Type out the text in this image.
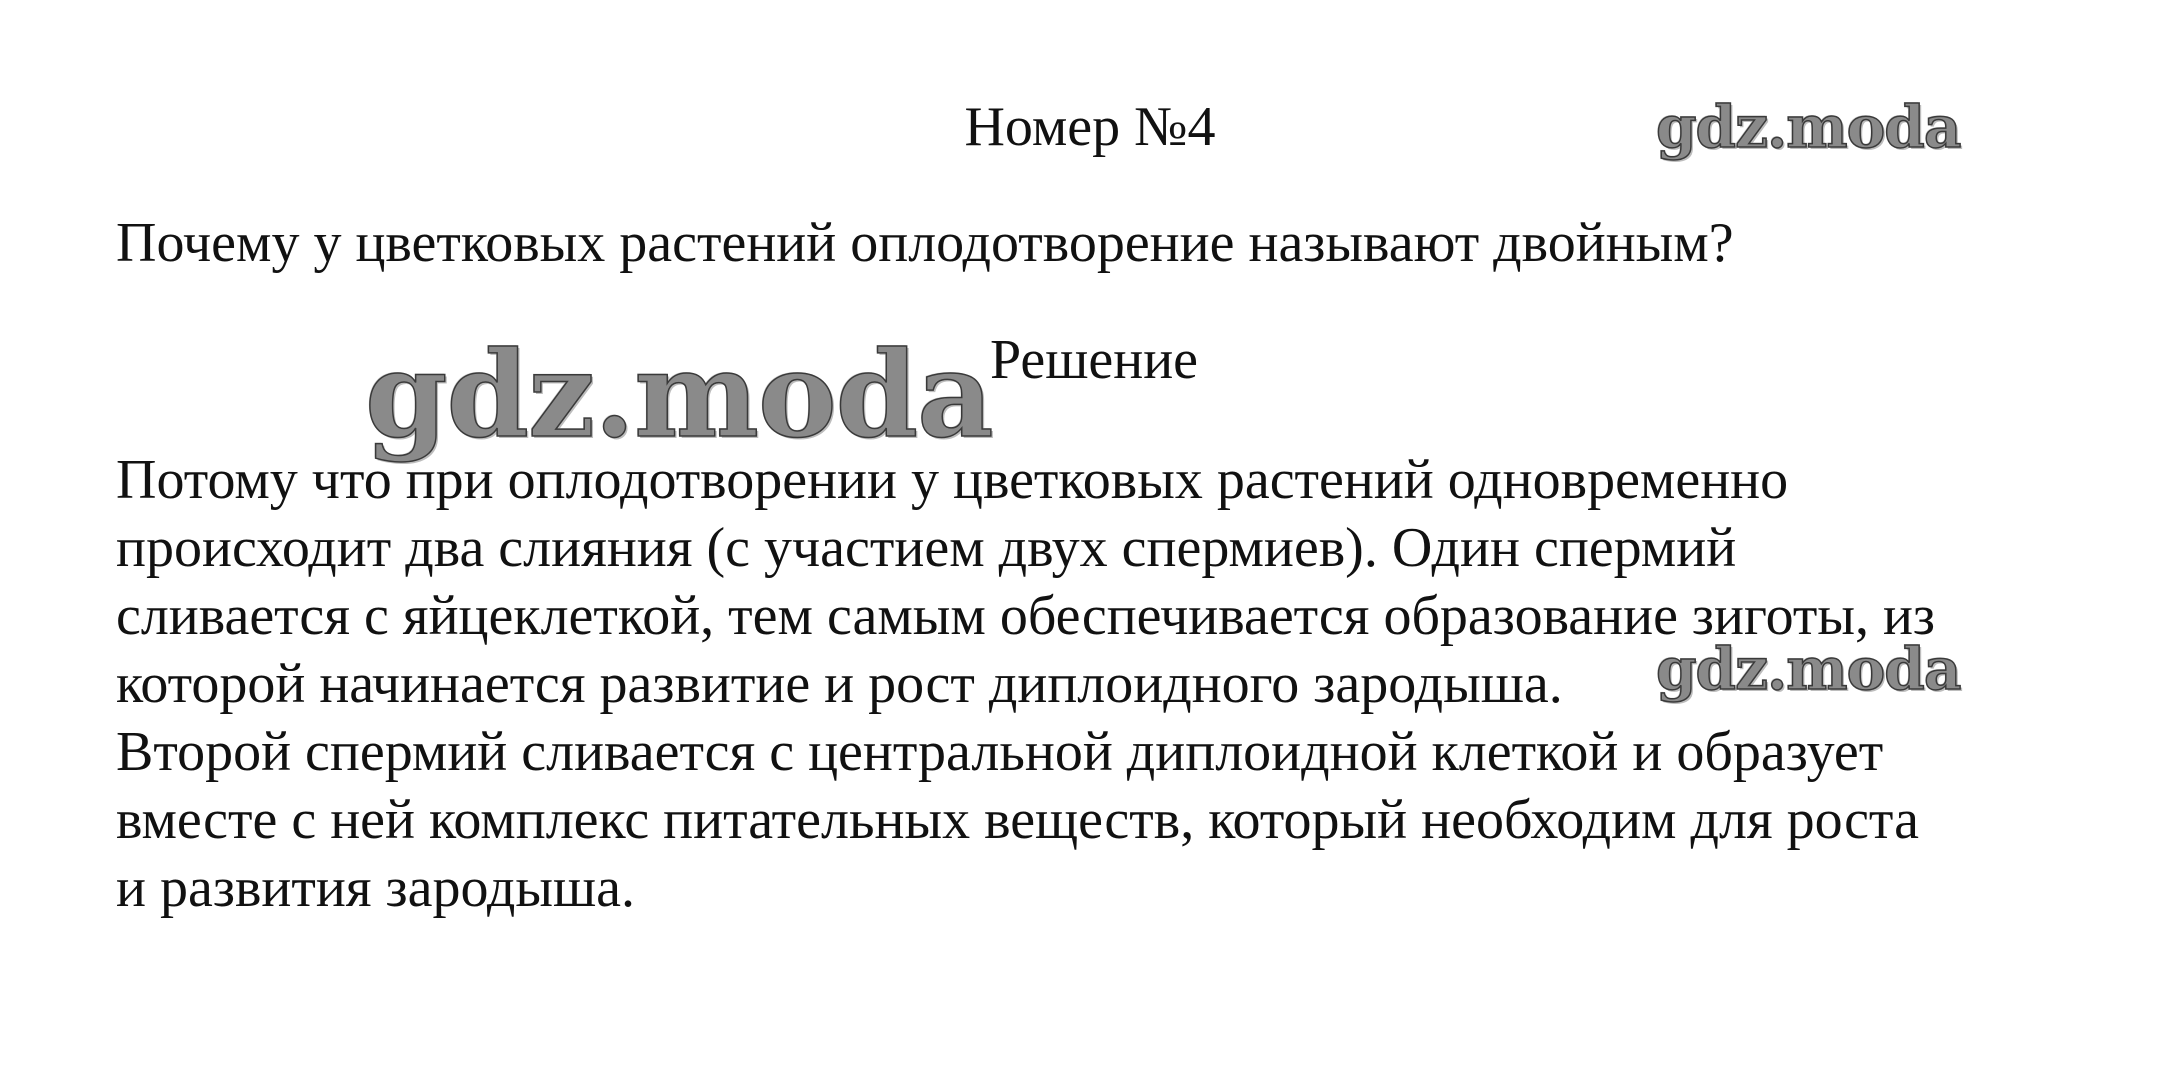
Номер №4	gdz.moda
Почему у цветковых растений оплодотворение называют двойным?
gdz.moda
Решение
Потому что при оплодотворении у цветковых растений одновременно
происходит два слияния (с участием двух спермиев). Один спермий
сливается с яйцеклеткой, тем самым обеспечивается образование зиготы, из
которой начинается развитие и рост диплоидного зародыша.
Второй спермий сливается с центральной диплоидной клеткой и образует
вместе с ней комплекс питательных веществ, который необходим для роста
и развития зародыша.
gdz.moda
